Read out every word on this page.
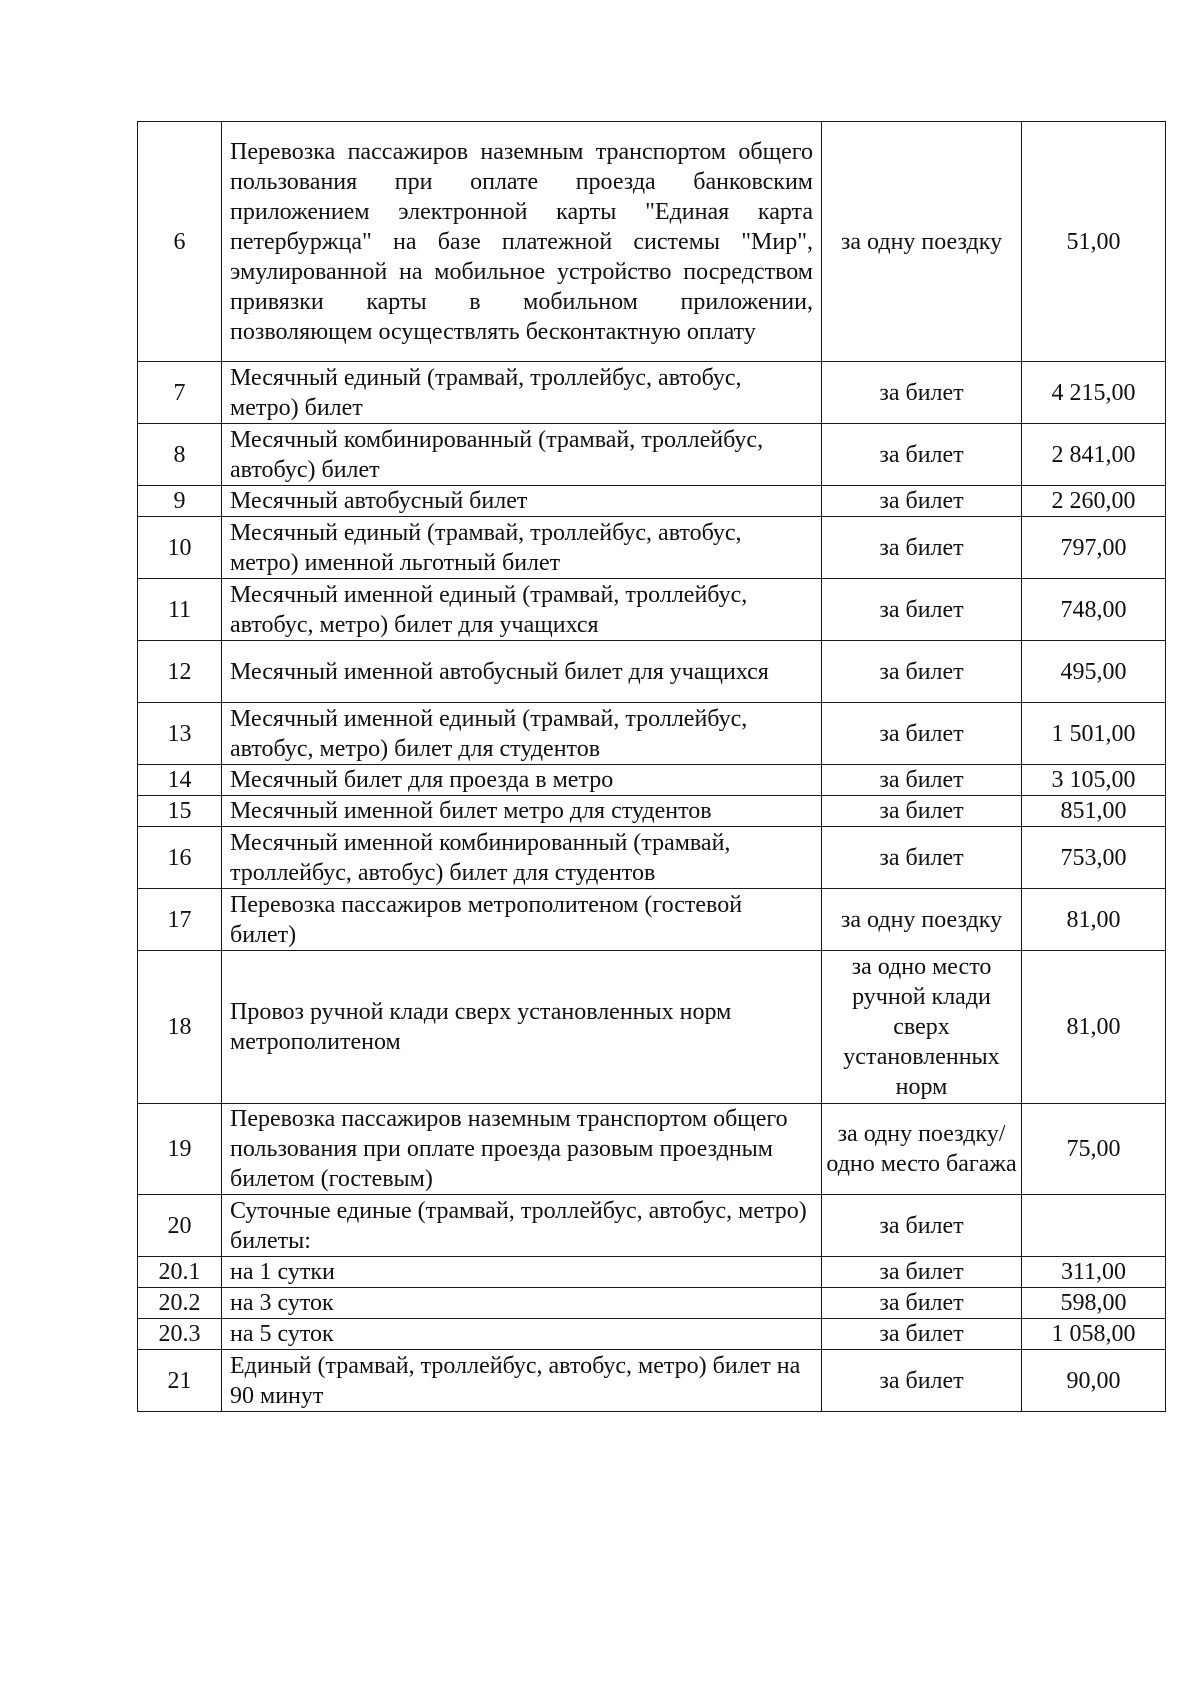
6	Перевозка пассажиров наземным транспортом общего пользования при оплате проезда банковским приложением электронной карты "Единая карта петербуржца" на базе платежной системы "Мир", эмулированной на мобильное устройство посредством привязки карты в мобильном приложении, позволяющем осуществлять бесконтактную оплату	за одну поездку	51,00
7	Месячный единый (трамвай, троллейбус, автобус, метро) билет	за билет	4 215,00
8	Месячный комбинированный (трамвай, троллейбус, автобус) билет	за билет	2 841,00
9	Месячный автобусный билет	за билет	2 260,00
10	Месячный единый (трамвай, троллейбус, автобус, метро) именной льготный билет	за билет	797,00
11	Месячный именной единый (трамвай, троллейбус, автобус, метро) билет для учащихся	за билет	748,00
12	Месячный именной автобусный билет для учащихся	за билет	495,00
13	Месячный именной единый (трамвай, троллейбус, автобус, метро) билет для студентов	за билет	1 501,00
14	Месячный билет для проезда в метро	за билет	3 105,00
15	Месячный именной билет метро для студентов	за билет	851,00
16	Месячный именной комбинированный (трамвай, троллейбус, автобус) билет для студентов	за билет	753,00
17	Перевозка пассажиров метрополитеном (гостевой билет)	за одну поездку	81,00
18	Провоз ручной клади сверх установленных норм метрополитеном	за одно место ручной клади сверх установленных норм	81,00
19	Перевозка пассажиров наземным транспортом общего пользования при оплате проезда разовым проездным билетом (гостевым)	за одну поездку/одно место багажа	75,00
20	Суточные единые (трамвай, троллейбус, автобус, метро) билеты:	за билет	
20.1	на 1 сутки	за билет	311,00
20.2	на 3 суток	за билет	598,00
20.3	на 5 суток	за билет	1 058,00
21	Единый (трамвай, троллейбус, автобус, метро) билет на 90 минут	за билет	90,00
